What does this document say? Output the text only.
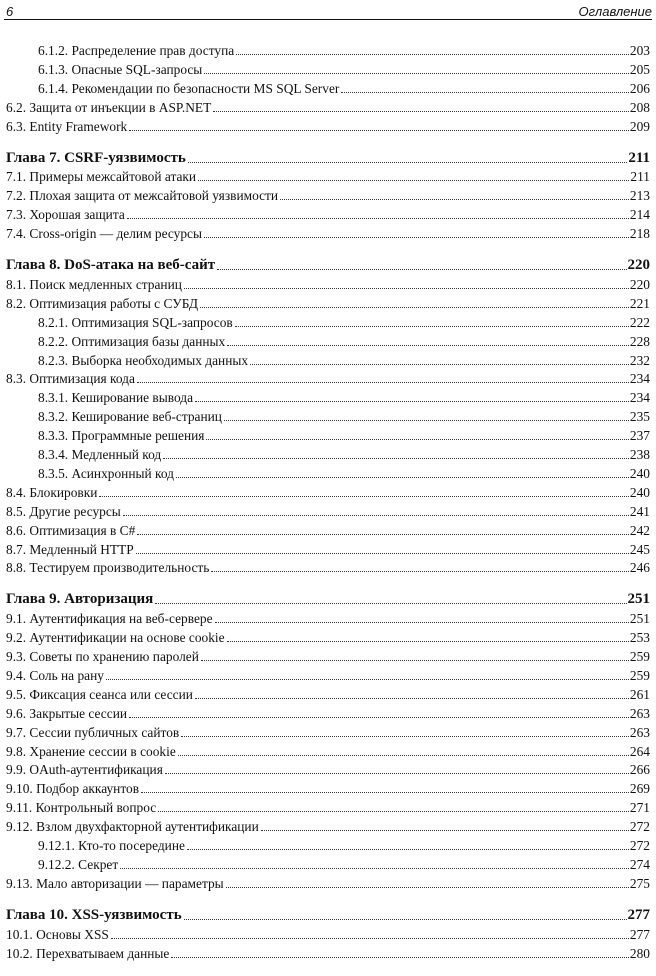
6	Оглавление
6.1.2. Распределение прав доступа	203
6.1.3. Опасные SQL-запросы	205
6.1.4. Рекомендации по безопасности MS SQL Server	206
6.2. Защита от инъекции в ASP.NET	208
6.3. Entity Framework	209
Глава 7. CSRF-уязвимость	211
7.1. Примеры межсайтовой атаки	211
7.2. Плохая защита от межсайтовой уязвимости	213
7.3. Хорошая защита	214
7.4. Cross-origin — делим ресурсы	218
Глава 8. DoS-атака на веб-сайт	220
8.1. Поиск медленных страниц	220
8.2. Оптимизация работы с СУБД	221
8.2.1. Оптимизация SQL-запросов	222
8.2.2. Оптимизация базы данных	228
8.2.3. Выборка необходимых данных	232
8.3. Оптимизация кода	234
8.3.1. Кеширование вывода	234
8.3.2. Кеширование веб-страниц	235
8.3.3. Программные решения	237
8.3.4. Медленный код	238
8.3.5. Асинхронный код	240
8.4. Блокировки	240
8.5. Другие ресурсы	241
8.6. Оптимизация в C#	242
8.7. Медленный HTTP	245
8.8. Тестируем производительность	246
Глава 9. Авторизация	251
9.1. Аутентификация на веб-сервере	251
9.2. Аутентификации на основе cookie	253
9.3. Советы по хранению паролей	259
9.4. Соль на рану	259
9.5. Фиксация сеанса или сессии	261
9.6. Закрытые сессии	263
9.7. Сессии публичных сайтов	263
9.8. Хранение сессии в cookie	264
9.9. OAuth-аутентификация	266
9.10. Подбор аккаунтов	269
9.11. Контрольный вопрос	271
9.12. Взлом двухфакторной аутентификации	272
9.12.1. Кто-то посередине	272
9.12.2. Секрет	274
9.13. Мало авторизации — параметры	275
Глава 10. XSS-уязвимость	277
10.1. Основы XSS	277
10.2. Перехватываем данные	280
